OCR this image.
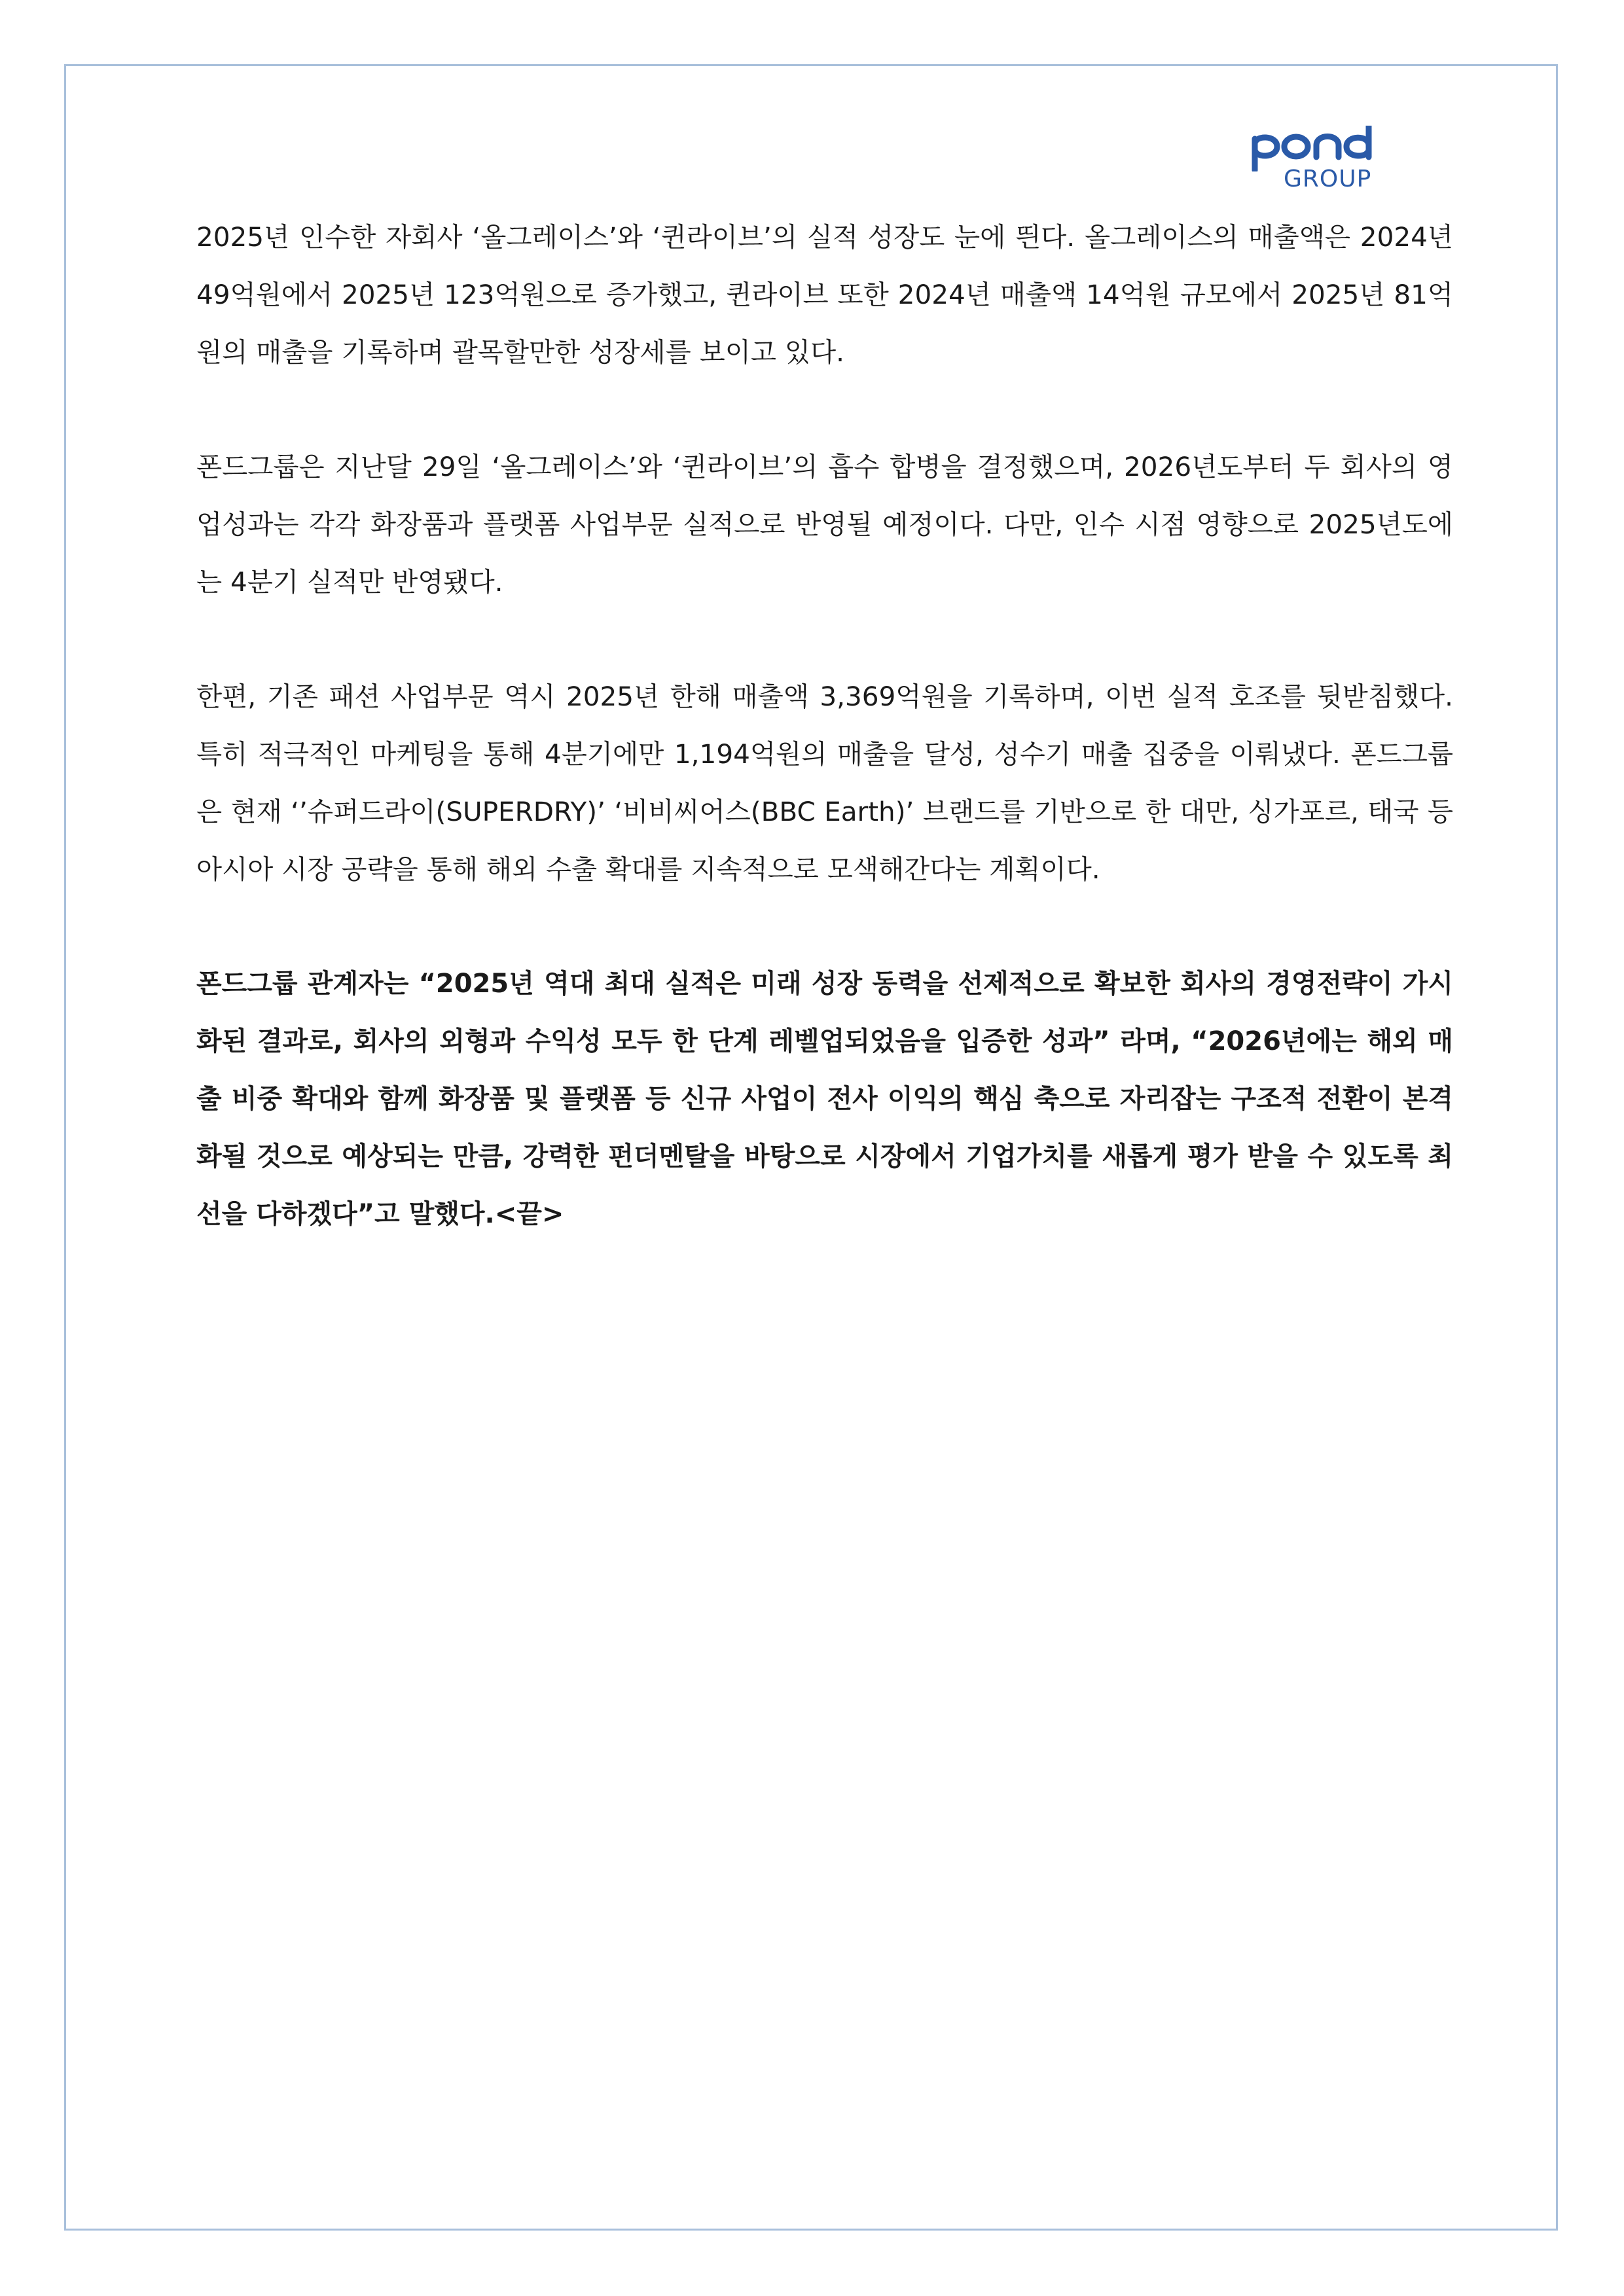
GROUP

2025년 인수한 자회사 ‘올그레이스’와 ‘퀸라이브’의 실적 성장도 눈에 띈다. 올그레이스의 매출액은 2024년 49억원에서 2025년 123억원으로 증가했고, 퀸라이브 또한 2024년 매출액 14억원 규모에서 2025년 81억원의 매출을 기록하며 괄목할만한 성장세를 보이고 있다.

폰드그룹은 지난달 29일 ‘올그레이스’와 ‘퀸라이브’의 흡수 합병을 결정했으며, 2026년도부터 두 회사의 영업성과는 각각 화장품과 플랫폼 사업부문 실적으로 반영될 예정이다. 다만, 인수 시점 영향으로 2025년도에는 4분기 실적만 반영됐다.

한편, 기존 패션 사업부문 역시 2025년 한해 매출액 3,369억원을 기록하며, 이번 실적 호조를 뒷받침했다. 특히 적극적인 마케팅을 통해 4분기에만 1,194억원의 매출을 달성, 성수기 매출 집중을 이뤄냈다. 폰드그룹은 현재 ‘’슈퍼드라이(SUPERDRY)’ ‘비비씨어스(BBC Earth)’ 브랜드를 기반으로 한 대만, 싱가포르, 태국 등 아시아 시장 공략을 통해 해외 수출 확대를 지속적으로 모색해간다는 계획이다.

폰드그룹 관계자는 “2025년 역대 최대 실적은 미래 성장 동력을 선제적으로 확보한 회사의 경영전략이 가시화된 결과로, 회사의 외형과 수익성 모두 한 단계 레벨업되었음을 입증한 성과” 라며, “2026년에는 해외 매출 비중 확대와 함께 화장품 및 플랫폼 등 신규 사업이 전사 이익의 핵심 축으로 자리잡는 구조적 전환이 본격화될 것으로 예상되는 만큼, 강력한 펀더멘탈을 바탕으로 시장에서 기업가치를 새롭게 평가 받을 수 있도록 최선을 다하겠다”고 말했다.<끝>
